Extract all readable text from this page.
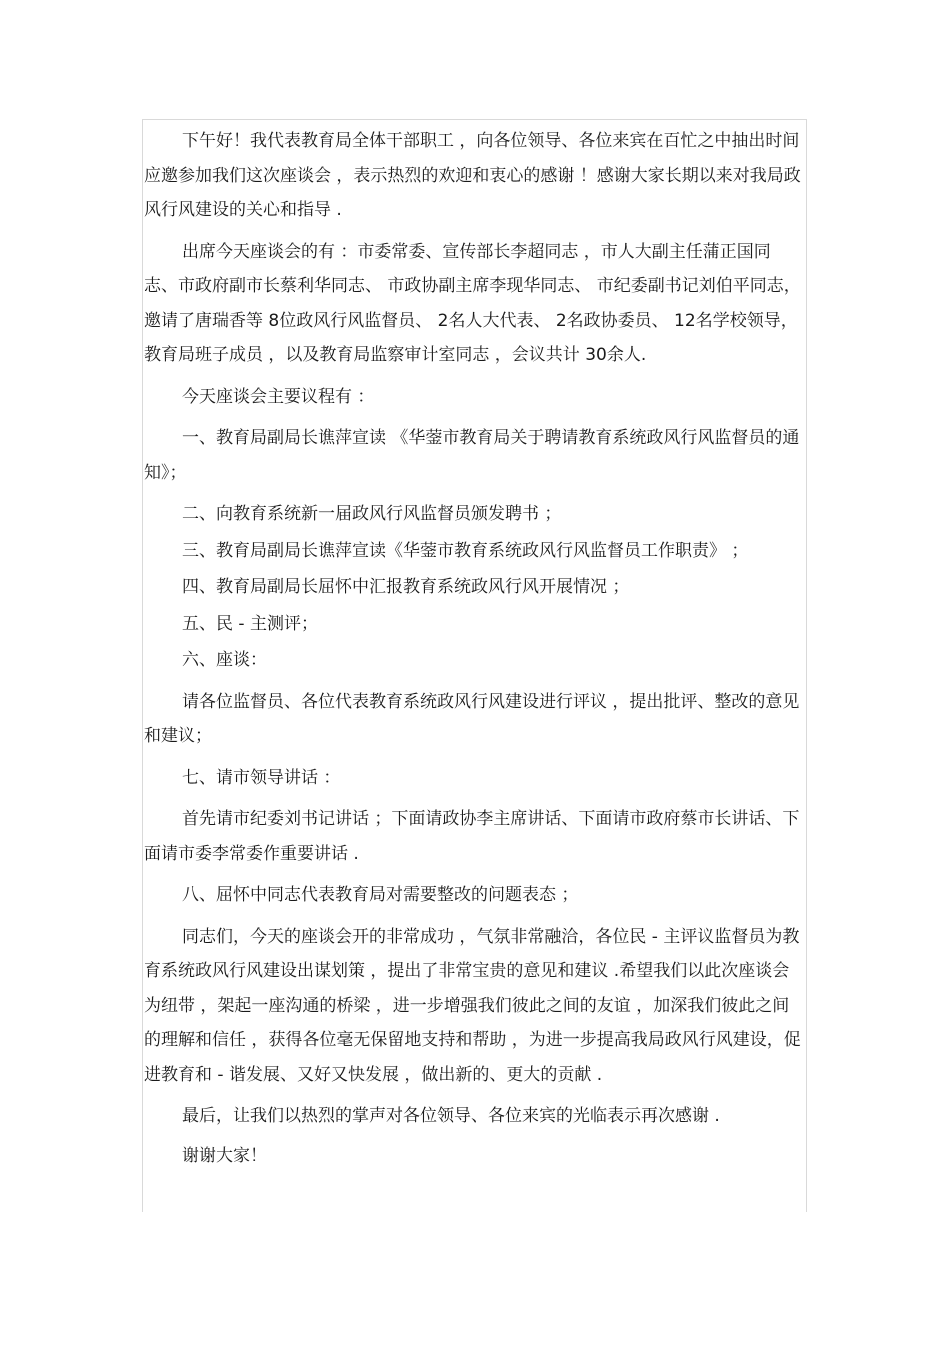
下午好！我代表教育局全体干部职工 ，向各位领导、各位来宾在百忙之中抽出时间应邀参加我们这次座谈会 ，表示热烈的欢迎和衷心的感谢 ！感谢大家长期以来对我局政风行风建设的关心和指导 .

出席今天座谈会的有 ：市委常委、宣传部长李超同志 ，市人大副主任蒲正国同志、市政府副市长蔡利华同志、 市政协副主席李现华同志、 市纪委副书记刘伯平同志，邀请了唐瑞香等 8位政风行风监督员、 2名人大代表、 2名政协委员、 12名学校领导，教育局班子成员 ，以及教育局监察审计室同志 ，会议共计 30余人.

今天座谈会主要议程有 ：

一、教育局副局长谯萍宣读 《华蓥市教育局关于聘请教育系统政风行风监督员的通知》；

二、向教育系统新一届政风行风监督员颁发聘书 ；

三、教育局副局长谯萍宣读《华蓥市教育系统政风行风监督员工作职责》 ；

四、教育局副局长屈怀中汇报教育系统政风行风开展情况 ；

五、民 - 主测评；

六、座谈：

请各位监督员、各位代表教育系统政风行风建设进行评议 ，提出批评、整改的意见和建议；

七、请市领导讲话 ：

首先请市纪委刘书记讲话 ；下面请政协李主席讲话、下面请市政府蔡市长讲话、下面请市委李常委作重要讲话 .

八、屈怀中同志代表教育局对需要整改的问题表态 ；

同志们，今天的座谈会开的非常成功 ，气氛非常融洽，各位民 - 主评议监督员为教育系统政风行风建设出谋划策 ，提出了非常宝贵的意见和建议 .希望我们以此次座谈会为纽带 ，架起一座沟通的桥梁 ，进一步增强我们彼此之间的友谊 ，加深我们彼此之间的理解和信任 ，获得各位毫无保留地支持和帮助 ，为进一步提高我局政风行风建设，促进教育和 - 谐发展、又好又快发展 ，做出新的、更大的贡献 .

最后，让我们以热烈的掌声对各位领导、各位来宾的光临表示再次感谢 .

谢谢大家！
